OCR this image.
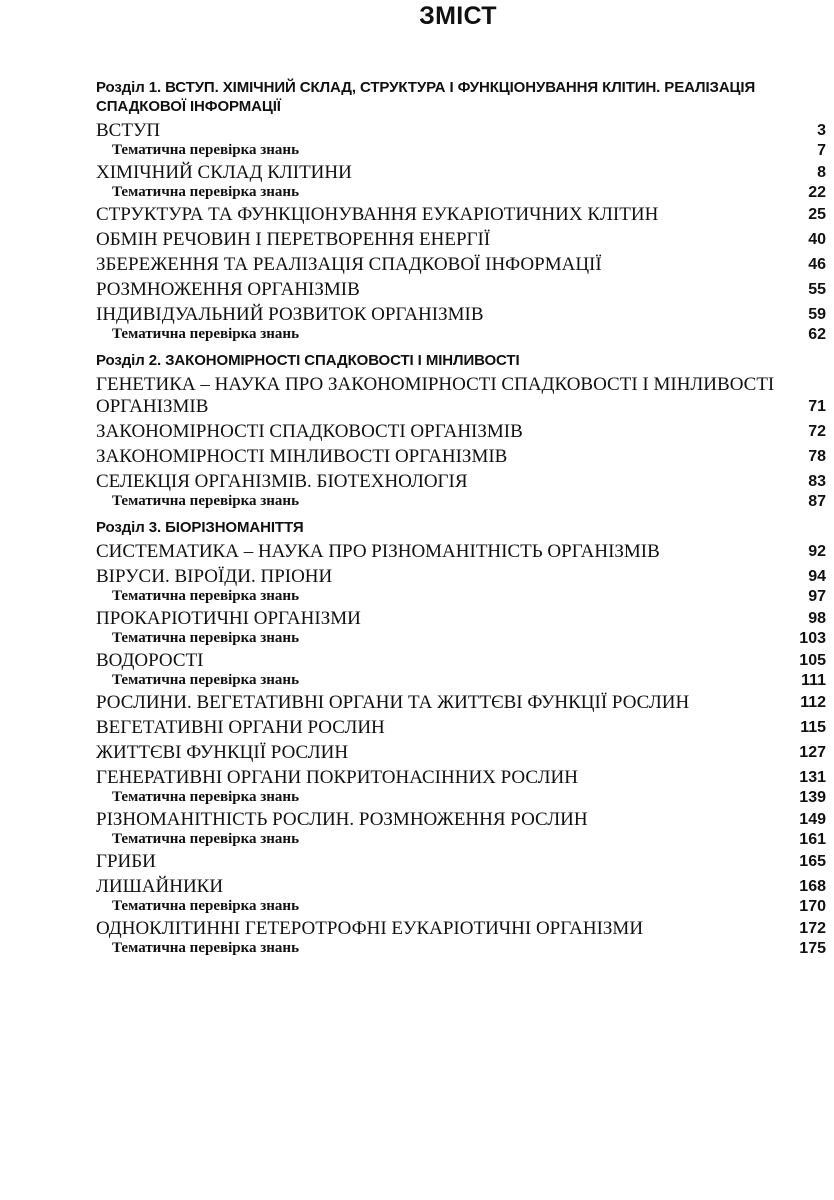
ЗМІСТ
Розділ 1. ВСТУП. ХІМІЧНИЙ СКЛАД, СТРУКТУРА І ФУНКЦІОНУВАННЯ КЛІТИН. РЕАЛІЗАЦІЯ СПАДКОВОЇ ІНФОРМАЦІЇ
ВСТУП	3
Тематична перевірка знань	7
ХІМІЧНИЙ СКЛАД КЛІТИНИ	8
Тематична перевірка знань	22
СТРУКТУРА ТА ФУНКЦІОНУВАННЯ ЕУКАРІОТИЧНИХ КЛІТИН	25
ОБМІН РЕЧОВИН І ПЕРЕТВОРЕННЯ ЕНЕРГІЇ	40
ЗБЕРЕЖЕННЯ ТА РЕАЛІЗАЦІЯ СПАДКОВОЇ ІНФОРМАЦІЇ	46
РОЗМНОЖЕННЯ ОРГАНІЗМІВ	55
ІНДИВІДУАЛЬНИЙ РОЗВИТОК ОРГАНІЗМІВ	59
Тематична перевірка знань	62
Розділ 2. ЗАКОНОМІРНОСТІ СПАДКОВОСТІ І МІНЛИВОСТІ
ГЕНЕТИКА – НАУКА ПРО ЗАКОНОМІРНОСТІ СПАДКОВОСТІ І МІНЛИВОСТІ ОРГАНІЗМІВ	71
ЗАКОНОМІРНОСТІ СПАДКОВОСТІ ОРГАНІЗМІВ	72
ЗАКОНОМІРНОСТІ МІНЛИВОСТІ ОРГАНІЗМІВ	78
СЕЛЕКЦІЯ ОРГАНІЗМІВ. БІОТЕХНОЛОГІЯ	83
Тематична перевірка знань	87
Розділ 3. БІОРІЗНОМАНІТТЯ
СИСТЕМАТИКА – НАУКА ПРО РІЗНОМАНІТНІСТЬ ОРГАНІЗМІВ	92
ВІРУСИ. ВІРОЇДИ. ПРІОНИ	94
Тематична перевірка знань	97
ПРОКАРІОТИЧНІ ОРГАНІЗМИ	98
Тематична перевірка знань	103
ВОДОРОСТІ	105
Тематична перевірка знань	111
РОСЛИНИ. ВЕГЕТАТИВНІ ОРГАНИ ТА ЖИТТЄВІ ФУНКЦІЇ РОСЛИН	112
ВЕГЕТАТИВНІ ОРГАНИ РОСЛИН	115
ЖИТТЄВІ ФУНКЦІЇ РОСЛИН	127
ГЕНЕРАТИВНІ ОРГАНИ ПОКРИТОНАСІННИХ РОСЛИН	131
Тематична перевірка знань	139
РІЗНОМАНІТНІСТЬ РОСЛИН. РОЗМНОЖЕННЯ РОСЛИН	149
Тематична перевірка знань	161
ГРИБИ	165
ЛИШАЙНИКИ	168
Тематична перевірка знань	170
ОДНОКЛІТИННІ ГЕТЕРОТРОФНІ ЕУКАРІОТИЧНІ ОРГАНІЗМИ	172
Тематична перевірка знань	175
